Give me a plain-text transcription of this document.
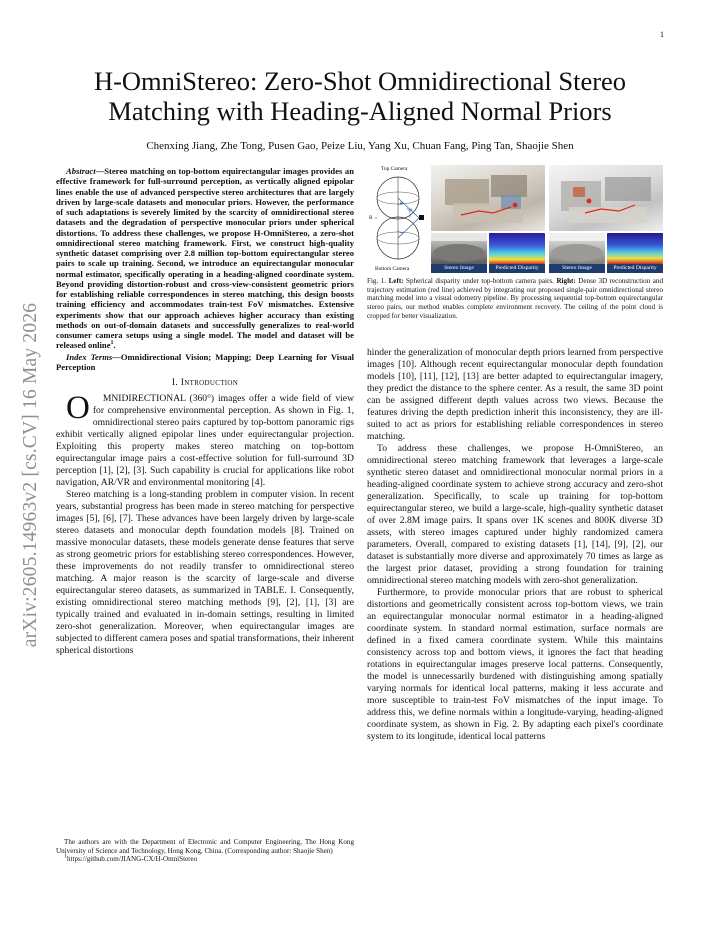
1
arXiv:2605.14963v2 [cs.CV] 16 May 2026
H-OmniStereo: Zero-Shot Omnidirectional Stereo
Matching with Heading-Aligned Normal Priors
Chenxing Jiang, Zhe Tong, Pusen Gao, Peize Liu, Yang Xu, Chuan Fang, Ping Tan, Shaojie Shen

Abstract—Stereo matching on top-bottom equirectangular images provides an effective framework for full-surround perception, as vertically aligned epipolar lines enable the use of advanced perspective stereo architectures that are largely driven by large-scale datasets and monocular priors. However, the performance of such adaptations is severely limited by the scarcity of omnidirectional stereo datasets and the degradation of perspective monocular priors under spherical distortions. To address these challenges, we propose H-OmniStereo, a zero-shot omnidirectional stereo matching framework. First, we construct high-quality synthetic dataset comprising over 2.8 million top-bottom equirectangular stereo pairs to scale up training. Second, we introduce an equirectangular monocular normal estimator, specifically operating in a heading-aligned coordinate system. Beyond providing distortion-robust and cross-view-consistent geometric priors for establishing reliable correspondences in stereo matching, this design boosts training efficiency and accommodates train-test FoV mismatches. Extensive experiments show that our approach achieves higher accuracy than existing methods on out-of-domain datasets and successfully generalizes to real-world consumer camera setups using a single model. The model and dataset will be released online$^1$.

Index Terms—Omnidirectional Vision; Mapping; Deep Learning for Visual Perception

I. Introduction

O MNIDIRECTIONAL (360°) images offer a wide field of view for comprehensive environmental perception. As shown in Fig. 1, omnidirectional stereo pairs captured by top-bottom panoramic rigs exhibit vertically aligned epipolar lines under equirectangular projection. Exploiting this property makes stereo matching on top-bottom equirectangular image pairs a cost-effective solution for full-surround 3D perception [1], [2], [3]. Such capability is crucial for applications like robot navigation, AR/VR and environmental monitoring [4].

Stereo matching is a long-standing problem in computer vision. In recent years, substantial progress has been made in stereo matching for perspective images [5], [6], [7]. These advances have been largely driven by large-scale stereo datasets and monocular depth foundation models [8]. Trained on massive monocular datasets, these models generate dense features that serve as strong geometric priors for establishing stereo correspondences. However, these improvements do not readily transfer to omnidirectional stereo matching. A major reason is the scarcity of large-scale and diverse equirectangular stereo datasets, as summarized in TABLE. I. Consequently, existing omnidirectional stereo matching methods [9], [2], [1], [3] are typically trained and evaluated in in-domain settings, resulting in limited zero-shot generalization. Moreover, when equirectangular images are subjected to different camera poses and spatial transformations, their inherent spherical distortions

The authors are with the Department of Electronic and Computer Engineering, The Hong Kong University of Science and Technology, Hong Kong, China. (Corresponding author: Shaojie Shen)

$^1$https://github.com/JIANG-CX/H-OmniStereo

Top Camera
B
θ
φ
Bottom Camera	Stereo Image	Predicted Disparity	Stereo Image	Predicted Disparity

Fig. 1. Left: Spherical disparity under top-bottom camera pairs. Right: Dense 3D reconstruction and trajectory estimation (red line) achieved by integrating our proposed single-pair omnidirectional stereo matching model into a visual odometry pipeline. By processing sequential top-bottom equirectangular stereo pairs, our method enables complete environment recovery. The ceiling of the point cloud is cropped for better visualization.

hinder the generalization of monocular depth priors learned from perspective images [10]. Although recent equirectangular monocular depth foundation models [10], [11], [12], [13] are better adapted to equirectangular imagery, they predict the distance to the sphere center. As a result, the same 3D point can be assigned different depth values across two views. Because the features driving the depth prediction inherit this inconsistency, they are ill-suited to act as priors for establishing reliable correspondences in stereo matching.

To address these challenges, we propose H-OmniStereo, an omnidirectional stereo matching framework that leverages a large-scale synthetic stereo dataset and omnidirectional monocular normal priors in a heading-aligned coordinate system to achieve strong accuracy and zero-shot generalization. Specifically, to scale up training for top-bottom equirectangular stereo, we build a large-scale, high-quality synthetic dataset of over 2.8M image pairs. It spans over 1K scenes and 800K diverse 3D assets, with stereo images captured under highly randomized camera parameters. Overall, compared to existing datasets [1], [14], [9], [2], our dataset is substantially more diverse and approximately 70 times as large as the largest prior dataset, providing a strong foundation for training omnidirectional stereo matching models with zero-shot generalization.

Furthermore, to provide monocular priors that are robust to spherical distortions and geometrically consistent across top-bottom views, we train an equirectangular monocular normal estimator in a heading-aligned coordinate system. In standard normal estimation, surface normals are defined in a fixed camera coordinate system. While this maintains consistency across top and bottom views, it ignores the fact that heading rotations in equirectangular images preserve local patterns. Consequently, the model is unnecessarily burdened with distinguishing among spatially varying normals for identical local patterns, making it less accurate and more susceptible to train-test FoV mismatches of the input image. To address this, we define normals within a longitude-varying, heading-aligned coordinate system, as shown in Fig. 2. By adapting each pixel's coordinate system to its longitude, identical local patterns
